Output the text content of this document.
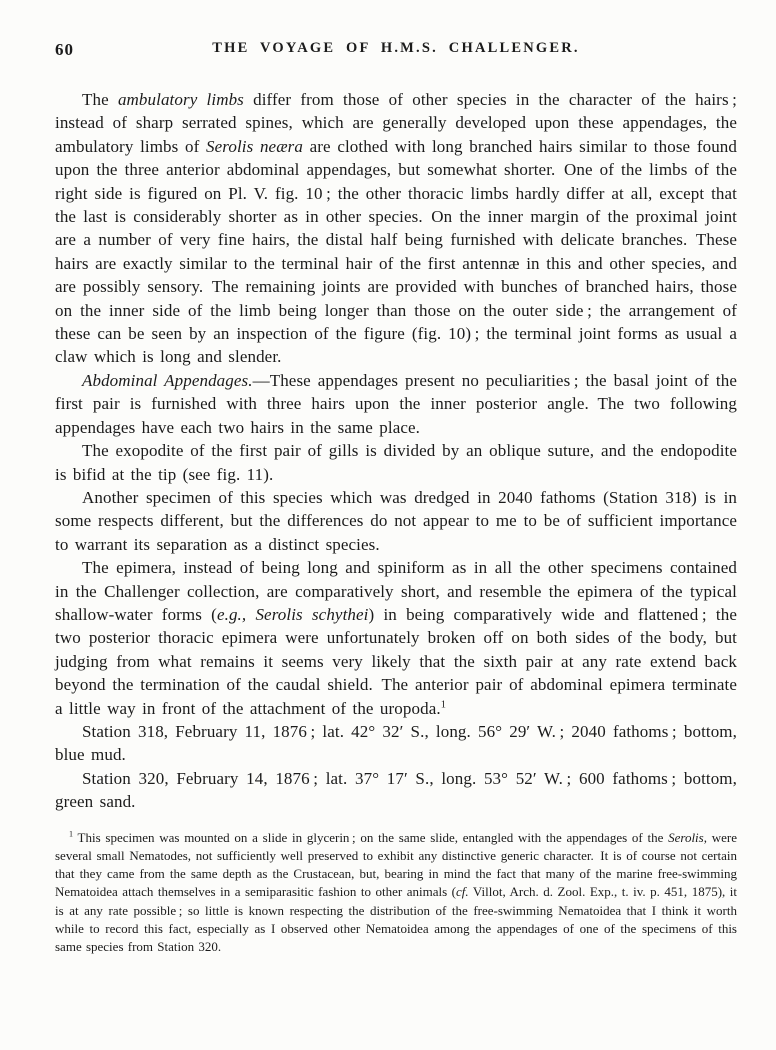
60	THE VOYAGE OF H.M.S. CHALLENGER.

The ambulatory limbs differ from those of other species in the character of the hairs ; instead of sharp serrated spines, which are generally developed upon these appendages, the ambulatory limbs of Serolis neæra are clothed with long branched hairs similar to those found upon the three anterior abdominal appendages, but somewhat shorter. One of the limbs of the right side is figured on Pl. V. fig. 10 ; the other thoracic limbs hardly differ at all, except that the last is considerably shorter as in other species. On the inner margin of the proximal joint are a number of very fine hairs, the distal half being furnished with delicate branches. These hairs are exactly similar to the terminal hair of the first antennæ in this and other species, and are possibly sensory. The remaining joints are provided with bunches of branched hairs, those on the inner side of the limb being longer than those on the outer side ; the arrangement of these can be seen by an inspection of the figure (fig. 10) ; the terminal joint forms as usual a claw which is long and slender.

Abdominal Appendages.—These appendages present no peculiarities ; the basal joint of the first pair is furnished with three hairs upon the inner posterior angle. The two following appendages have each two hairs in the same place.

The exopodite of the first pair of gills is divided by an oblique suture, and the endopodite is bifid at the tip (see fig. 11).

Another specimen of this species which was dredged in 2040 fathoms (Station 318) is in some respects different, but the differences do not appear to me to be of sufficient importance to warrant its separation as a distinct species.

The epimera, instead of being long and spiniform as in all the other specimens contained in the Challenger collection, are comparatively short, and resemble the epimera of the typical shallow-water forms (e.g., Serolis schythei) in being comparatively wide and flattened ; the two posterior thoracic epimera were unfortunately broken off on both sides of the body, but judging from what remains it seems very likely that the sixth pair at any rate extend back beyond the termination of the caudal shield. The anterior pair of abdominal epimera terminate a little way in front of the attachment of the uropoda.$^1$

Station 318, February 11, 1876 ; lat. 42° 32′ S., long. 56° 29′ W. ; 2040 fathoms ; bottom, blue mud.

Station 320, February 14, 1876 ; lat. 37° 17′ S., long. 53° 52′ W. ; 600 fathoms ; bottom, green sand.

$^1$ This specimen was mounted on a slide in glycerin ; on the same slide, entangled with the appendages of the Serolis, were several small Nematodes, not sufficiently well preserved to exhibit any distinctive generic character. It is of course not certain that they came from the same depth as the Crustacean, but, bearing in mind the fact that many of the marine free-swimming Nematoidea attach themselves in a semiparasitic fashion to other animals (cf. Villot, Arch. d. Zool. Exp., t. iv. p. 451, 1875), it is at any rate possible ; so little is known respecting the distribution of the free-swimming Nematoidea that I think it worth while to record this fact, especially as I observed other Nematoidea among the appendages of one of the specimens of this same species from Station 320.
